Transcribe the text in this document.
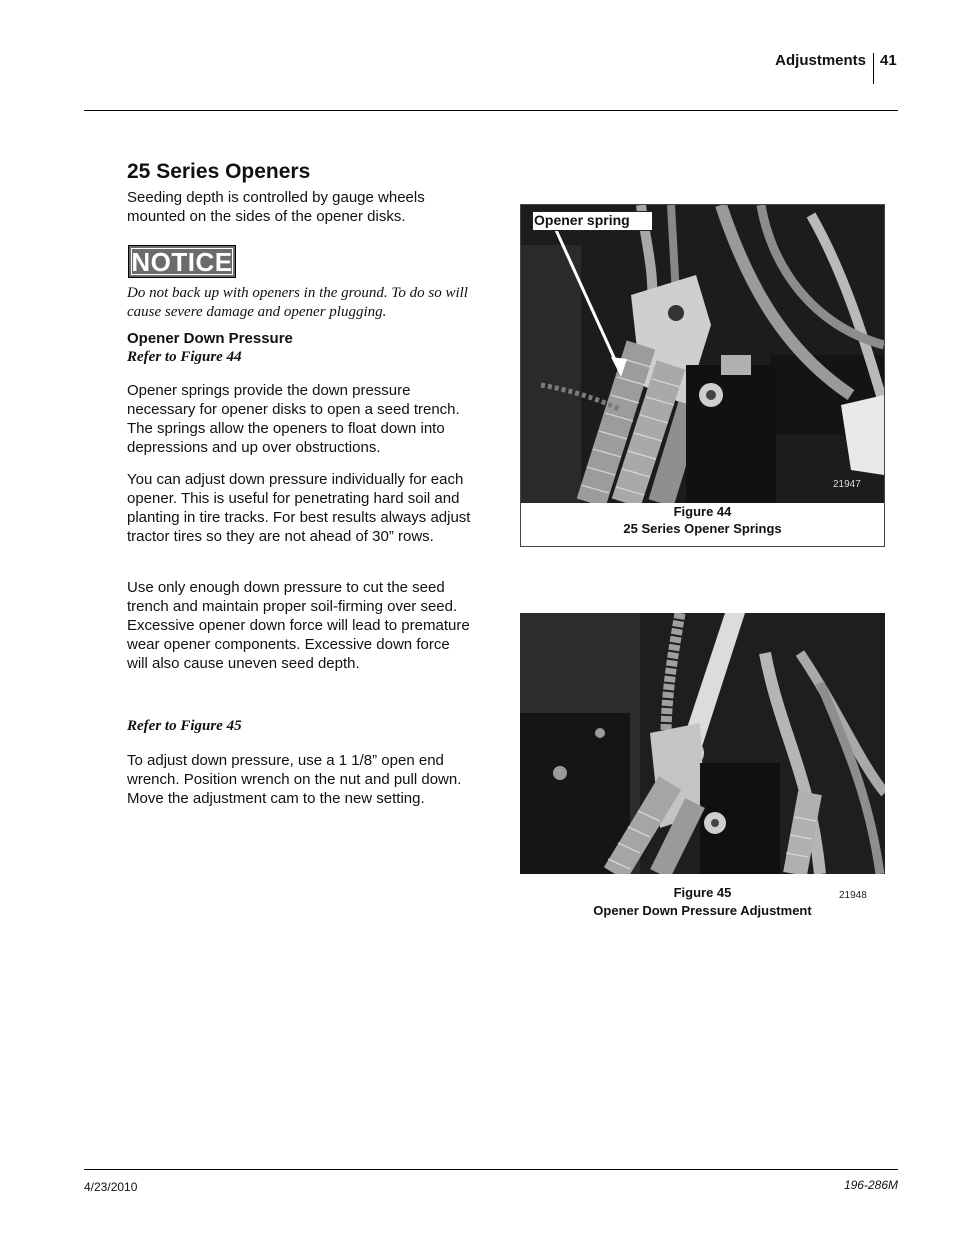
Adjustments 41
25 Series Openers

Seeding depth is controlled by gauge wheels mounted on the sides of the opener disks.

NOTICE
Do not back up with openers in the ground. To do so will cause severe damage and opener plugging.
Opener Down Pressure
Refer to Figure 44

Opener springs provide the down pressure necessary for opener disks to open a seed trench. The springs allow the openers to float down into depressions and up over obstructions.

You can adjust down pressure individually for each opener. This is useful for penetrating hard soil and planting in tire tracks. For best results always adjust tractor tires so they are not ahead of 30” rows.

Use only enough down pressure to cut the seed trench and maintain proper soil-firming over seed. Excessive opener down force will lead to premature wear opener components. Excessive down force will also cause uneven seed depth.

Refer to Figure 45

To adjust down pressure, use a 1 1/8” open end wrench. Position wrench on the nut and pull down. Move the adjustment cam to the new setting.

21947
Figure 44
25 Series Opener Springs
Opener spring
Figure 45
Opener Down Pressure Adjustment
21948
4/23/2010	196-286M
